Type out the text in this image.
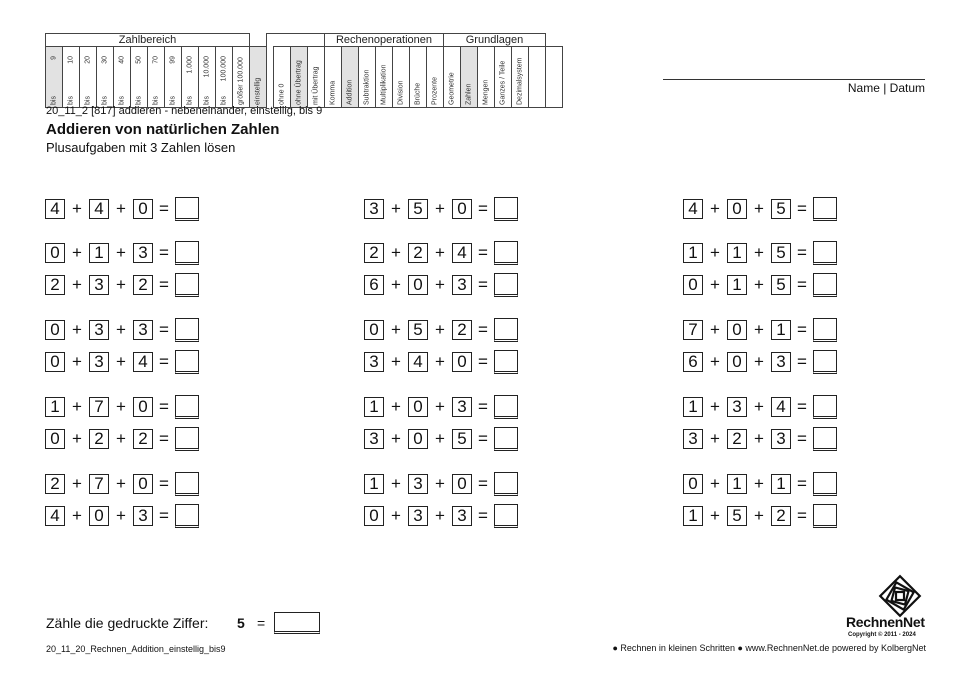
Zahlbereich																	Rechenoperationen							Grundlagen						

9
bis	10
bis	20
bis	30
bis	40
bis	50
bis	70
bis	99
bis	1.000
bis	10.000
bis	100.000
bis	größer 100.000	einstellig		ohne 0	ohne Übertrag	mit Übertrag	Komma	Addition	Subtraktion	Multiplikation	Division	Brüche	Prozente	Geometrie	Zahlen	Mengen	Ganzes / Teile	Dezimalsystem		

		Name | Datum
20_11_2 [817] addieren - nebeneinander, einstellig, bis 9
Addieren von natürlichen Zahlen
Plusaufgaben mit 3 Zahlen lösen
4 + 4 + 0 =
0 + 1 + 3 =
2 + 3 + 2 =
0 + 3 + 3 =
0 + 3 + 4 =
1 + 7 + 0 =
0 + 2 + 2 =
2 + 7 + 0 =
4 + 0 + 3 =
3 + 5 + 0 =
2 + 2 + 4 =
6 + 0 + 3 =
0 + 5 + 2 =
3 + 4 + 0 =
1 + 0 + 3 =
3 + 0 + 5 =
1 + 3 + 0 =
0 + 3 + 3 =
4 + 0 + 5 =
1 + 1 + 5 =
0 + 1 + 5 =
7 + 0 + 1 =
6 + 0 + 3 =
1 + 3 + 4 =
3 + 2 + 3 =
0 + 1 + 1 =
1 + 5 + 2 =
Zähle die gedruckte Ziffer: 5 =
20_11_20_Rechnen_Addition_einstellig_bis9	● Rechnen in kleinen Schritten ● www.RechnenNet.de powered by KolbergNet
RechnenNet
Copyright © 2011 - 2024
